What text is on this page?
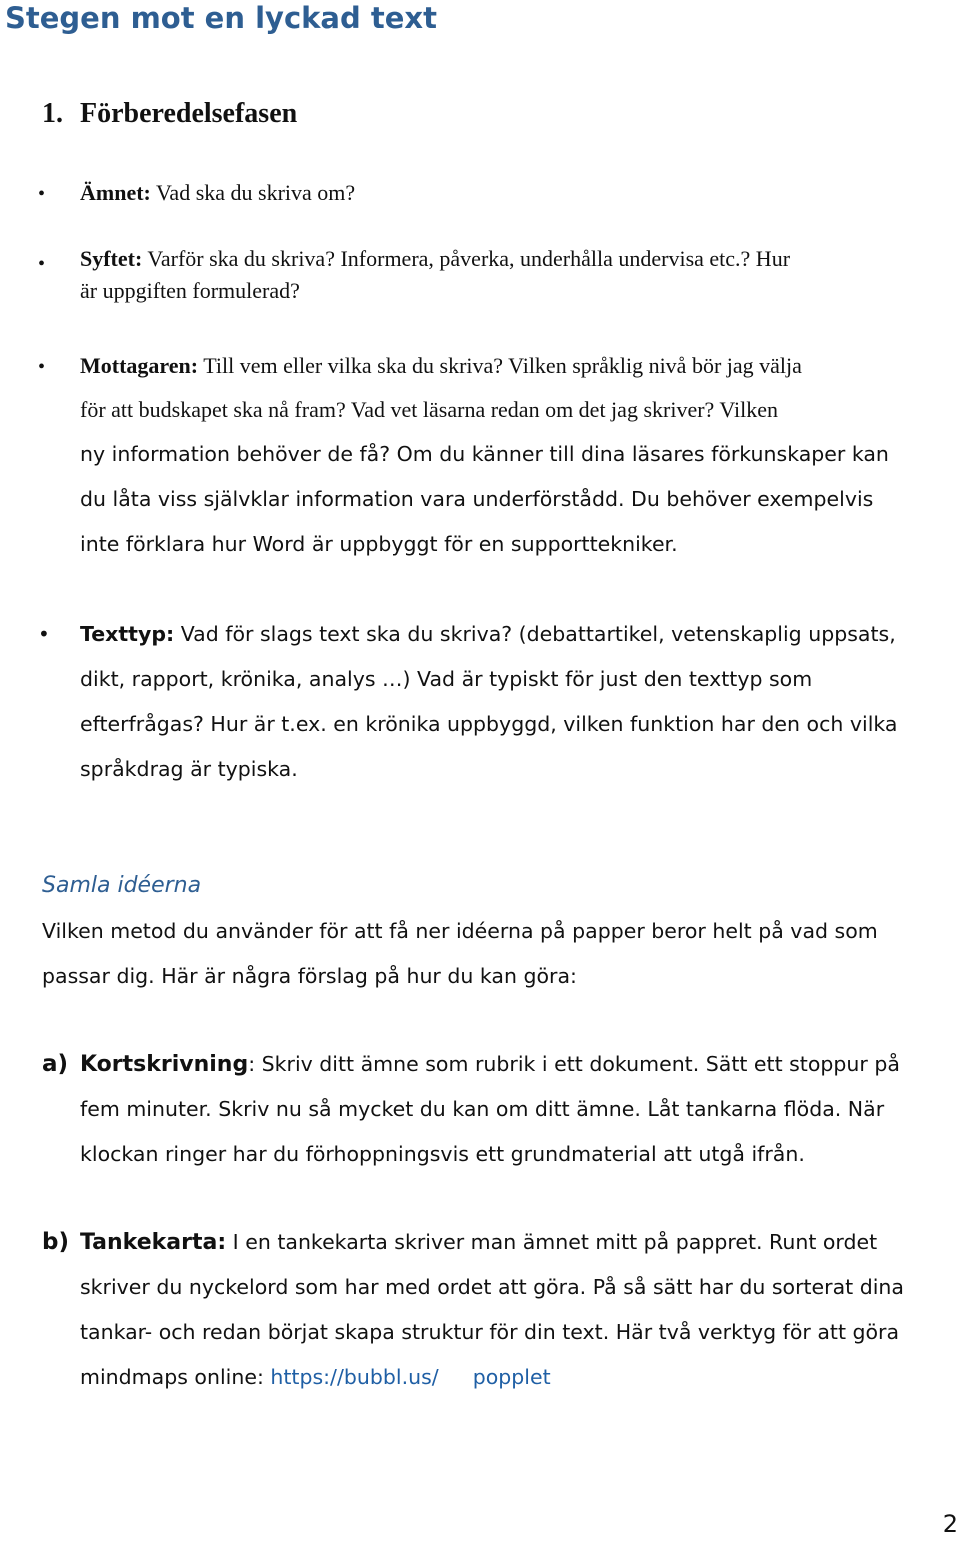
Stegen mot en lyckad text
1. Förberedelsefasen
• Ämnet: Vad ska du skriva om?
• Syftet: Varför ska du skriva? Informera, påverka, underhålla undervisa etc.? Hur
är uppgiften formulerad?
• Mottagaren: Till vem eller vilka ska du skriva? Vilken språklig nivå bör jag välja
för att budskapet ska nå fram? Vad vet läsarna redan om det jag skriver? Vilken
ny information behöver de få? Om du känner till dina läsares förkunskaper kan
du låta viss självklar information vara underförstådd. Du behöver exempelvis
inte förklara hur Word är uppbyggt för en supporttekniker.
• Texttyp: Vad för slags text ska du skriva? (debattartikel, vetenskaplig uppsats,
dikt, rapport, krönika, analys …) Vad är typiskt för just den texttyp som
efterfrågas? Hur är t.ex. en krönika uppbyggd, vilken funktion har den och vilka
språkdrag är typiska.
Samla idéerna
Vilken metod du använder för att få ner idéerna på papper beror helt på vad som
passar dig. Här är några förslag på hur du kan göra:
a) Kortskrivning: Skriv ditt ämne som rubrik i ett dokument. Sätt ett stoppur på
fem minuter. Skriv nu så mycket du kan om ditt ämne. Låt tankarna flöda. När
klockan ringer har du förhoppningsvis ett grundmaterial att utgå ifrån.
b) Tankekarta: I en tankekarta skriver man ämnet mitt på pappret. Runt ordet
skriver du nyckelord som har med ordet att göra. På så sätt har du sorterat dina
tankar- och redan börjat skapa struktur för din text. Här två verktyg för att göra
mindmaps online: https://bubbl.us/ popplet
2
